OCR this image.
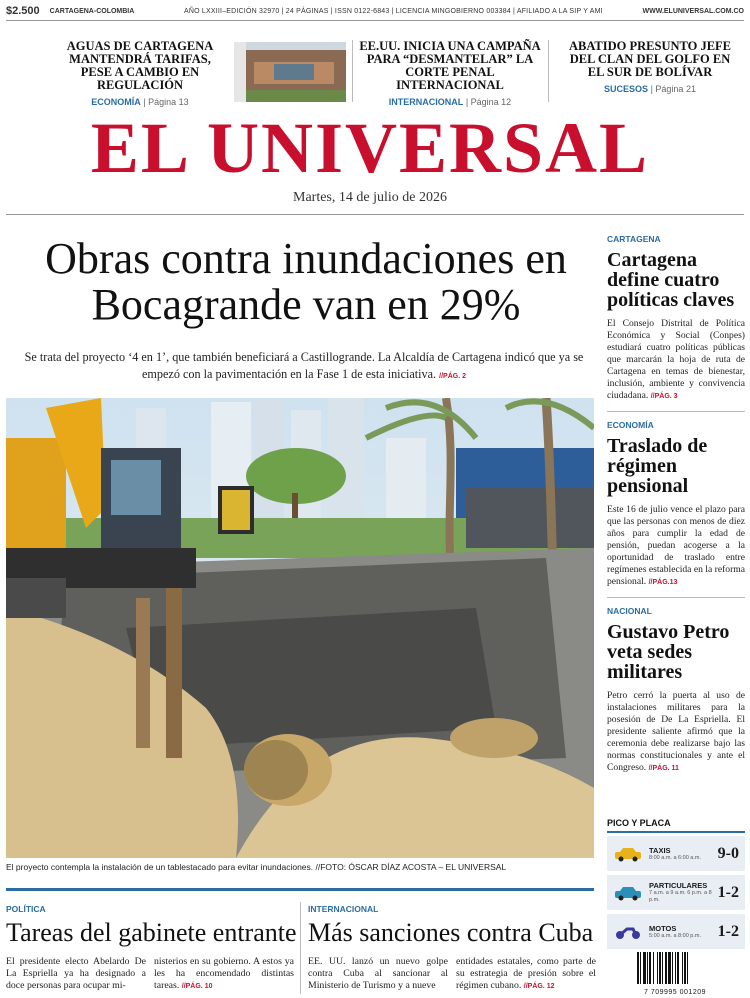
$2.500 CARTAGENA-COLOMBIA	AÑO LXXIII–EDICIÓN 32970 | 24 PÁGINAS | ISSN 0122-6843 | LICENCIA MINGOBIERNO 003384 | AFILIADO A LA SIP Y AMI	WWW.ELUNIVERSAL.COM.CO
AGUAS DE CARTAGENA MANTENDRÁ TARIFAS, PESE A CAMBIO EN REGULACIÓN
ECONOMÍA | Página 13
EE.UU. INICIA UNA CAMPAÑA PARA “DESMANTELAR” LA CORTE PENAL INTERNACIONAL
INTERNACIONAL | Página 12
ABATIDO PRESUNTO JEFE DEL CLAN DEL GOLFO EN EL SUR DE BOLÍVAR
SUCESOS | Página 21
EL UNIVERSAL
Martes, 14 de julio de 2026
Obras contra inundaciones en Bocagrande van en 29%
Se trata del proyecto ‘4 en 1’, que también beneficiará a Castillogrande. La Alcaldía de Cartagena indicó que ya se empezó con la pavimentación en la Fase 1 de esta iniciativa. //PÁG. 2
El proyecto contempla la instalación de un tablestacado para evitar inundaciones. //FOTO: ÓSCAR DÍAZ ACOSTA – EL UNIVERSAL
CARTAGENA
Cartagena define cuatro políticas claves
El Consejo Distrital de Política Económica y Social (Conpes) estudiará cuatro políticas públicas que marcarán la hoja de ruta de Cartagena en temas de bienestar, inclusión, ambiente y convivencia ciudadana. //PÁG. 3
ECONOMÍA
Traslado de régimen pensional
Este 16 de julio vence el plazo para que las personas con menos de diez años para cumplir la edad de pensión, puedan acogerse a la oportunidad de traslado entre regímenes establecida en la reforma pensional. //PÁG.13
NACIONAL
Gustavo Petro veta sedes militares
Petro cerró la puerta al uso de instalaciones militares para la posesión de De La Espriella. El presidente saliente afirmó que la ceremonia debe realizarse bajo las normas constitucionales y ante el Congreso. //PÁG. 11
PICO Y PLACA
TAXIS
8:00 a.m. a 6:00 a.m.	9-0
PARTICULARES
7 a.m. a 9 a.m. 6 p.m. a 8 p.m.	1-2
MOTOS
5:00 a.m. a 8:00 p.m.	1-2
POLÍTICA
Tareas del gabinete entrante
El presidente electo Abelardo De La Espriella ya ha designado a doce personas para ocupar mi-
nisterios en su gobierno. A estos ya les ha encomendado distintas tareas. //PÁG. 10
INTERNACIONAL
Más sanciones contra Cuba
EE. UU. lanzó un nuevo golpe contra Cuba al sancionar al Ministerio de Turismo y a nueve
entidades estatales, como parte de su estrategia de presión sobre el régimen cubano. //PÁG. 12
7 709995 001209
